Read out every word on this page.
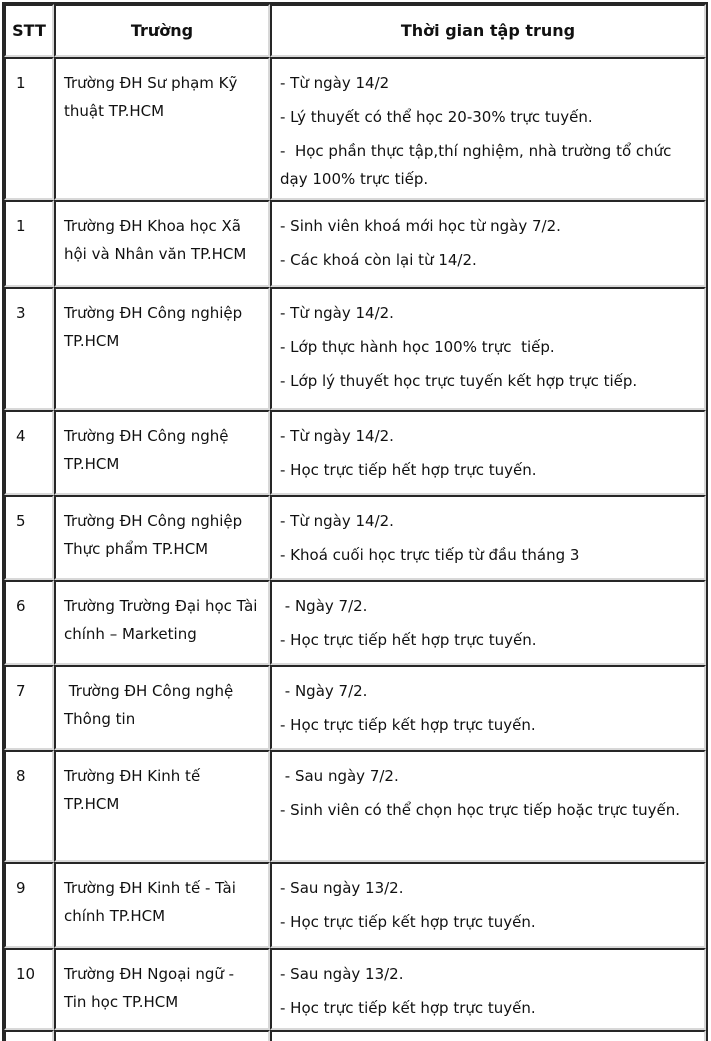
STT	Trường	Thời gian tập trung
1	Trường ĐH Sư phạm Kỹ thuật TP.HCM	- Từ ngày 14/2

- Lý thuyết có thể học 20-30% trực tuyến.

-  Học phần thực tập,thí nghiệm, nhà trường tổ chức dạy 100% trực tiếp.

1	Trường ĐH Khoa học Xã hội và Nhân văn TP.HCM	- Sinh viên khoá mới học từ ngày 7/2.

- Các khoá còn lại từ 14/2.

3	Trường ĐH Công nghiệp TP.HCM	- Từ ngày 14/2.

- Lớp thực hành học 100% trực  tiếp.

- Lớp lý thuyết học trực tuyến kết hợp trực tiếp.

4	Trường ĐH Công nghệ TP.HCM	- Từ ngày 14/2.

- Học trực tiếp hết hợp trực tuyến.

5	Trường ĐH Công nghiệp Thực phẩm TP.HCM	- Từ ngày 14/2.

- Khoá cuối học trực tiếp từ đầu tháng 3

6	Trường Trường Đại học Tài chính – Marketing	- Ngày 7/2.

- Học trực tiếp hết hợp trực tuyến.

7	Trường ĐH Công nghệ Thông tin	- Ngày 7/2.

- Học trực tiếp kết hợp trực tuyến.

8	Trường ĐH Kinh tế TP.HCM	- Sau ngày 7/2.

- Sinh viên có thể chọn học trực tiếp hoặc trực tuyến.

9	Trường ĐH Kinh tế - Tài chính TP.HCM	- Sau ngày 13/2.

- Học trực tiếp kết hợp trực tuyến.

10	Trường ĐH Ngoại ngữ - Tin học TP.HCM	- Sau ngày 13/2.

- Học trực tiếp kết hợp trực tuyến.
